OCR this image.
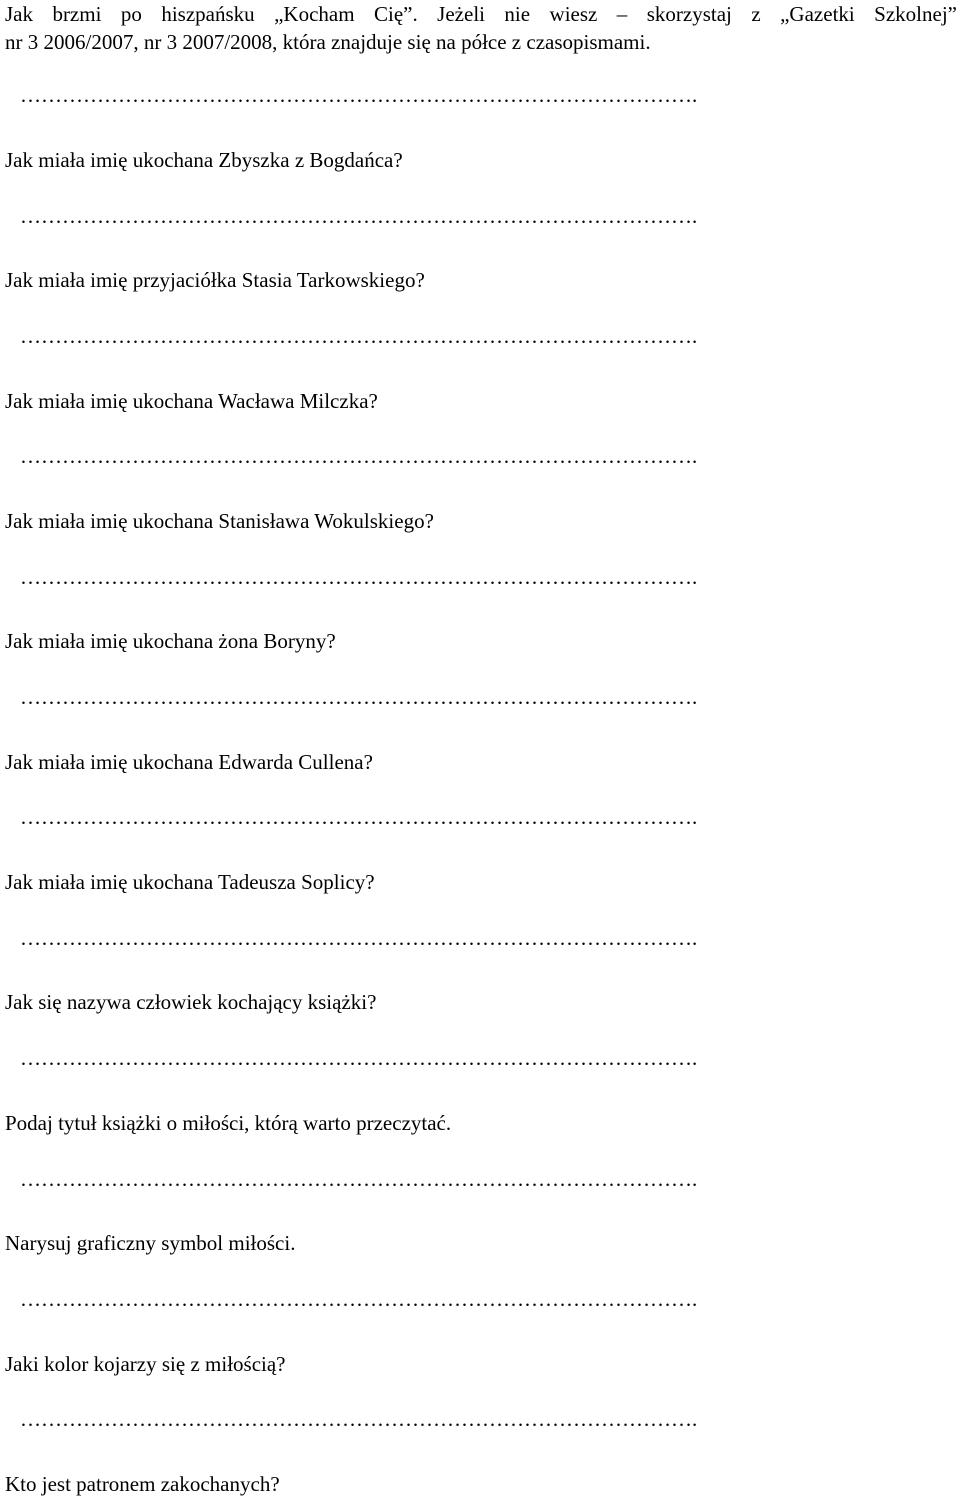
Jak brzmi po hiszpańsku „Kocham Cię”. Jeżeli nie wiesz – skorzystaj z „Gazetki Szkolnej”
nr 3 2006/2007, nr 3 2007/2008, która znajduje się na półce z czasopismami.
…………………………………………………………………………………….
Jak miała imię ukochana Zbyszka z Bogdańca?
…………………………………………………………………………………….
Jak miała imię przyjaciółka Stasia Tarkowskiego?
…………………………………………………………………………………….
Jak miała imię ukochana Wacława Milczka?
…………………………………………………………………………………….
Jak miała imię ukochana Stanisława Wokulskiego?
…………………………………………………………………………………….
Jak miała imię ukochana żona Boryny?
…………………………………………………………………………………….
Jak miała imię ukochana Edwarda Cullena?
…………………………………………………………………………………….
Jak miała imię ukochana Tadeusza Soplicy?
…………………………………………………………………………………….
Jak się nazywa człowiek kochający książki?
…………………………………………………………………………………….
Podaj tytuł książki o miłości, którą warto przeczytać.
…………………………………………………………………………………….
Narysuj graficzny symbol miłości.
…………………………………………………………………………………….
Jaki kolor kojarzy się z miłością?
…………………………………………………………………………………….
Kto jest patronem zakochanych?
